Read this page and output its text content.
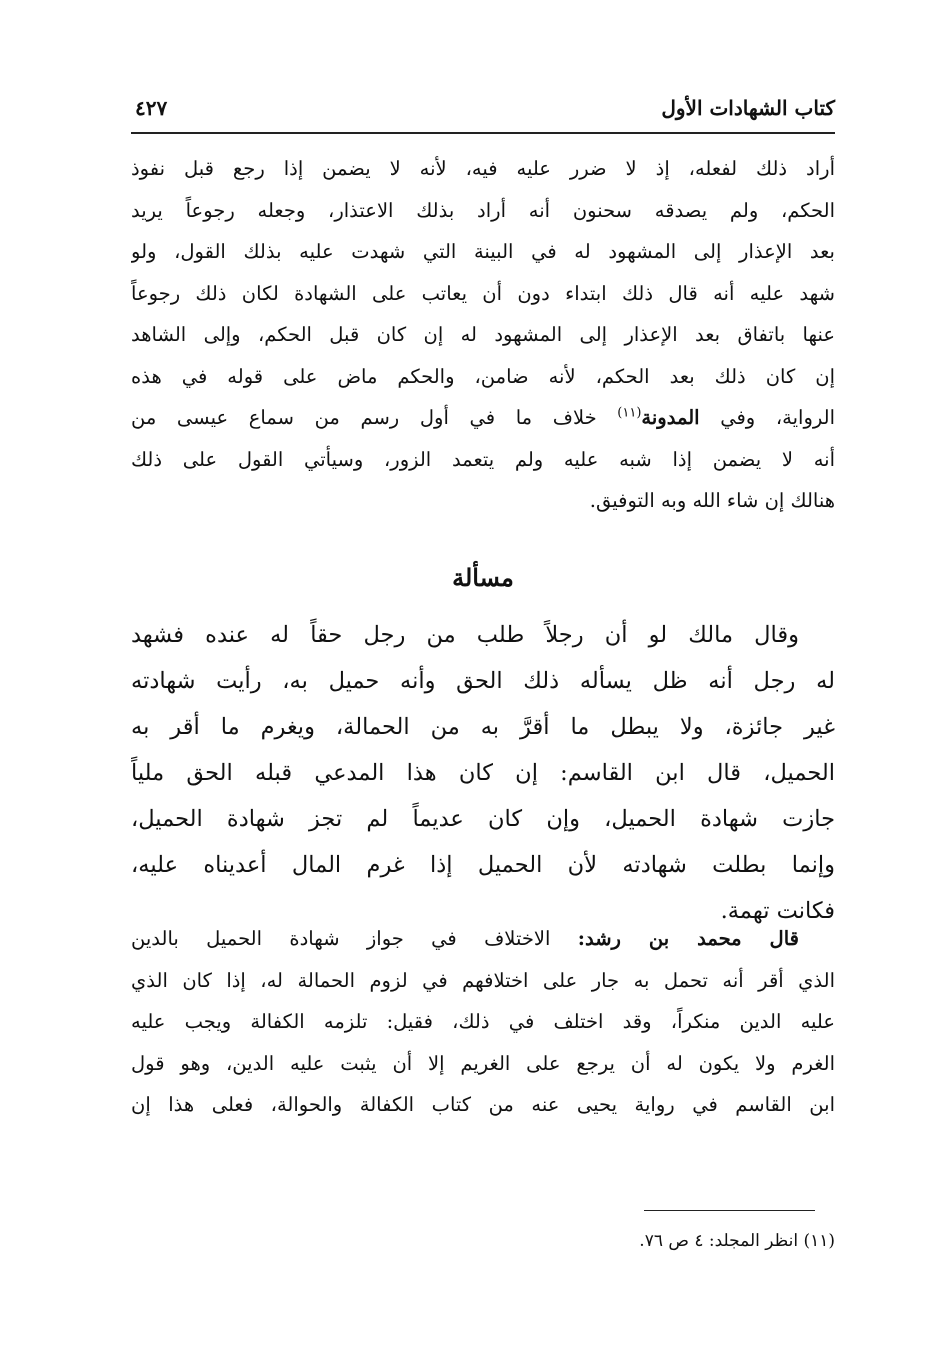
كتاب الشهادات الأول
٤٢٧
أراد ذلك لفعله، إذ لا ضرر عليه فيه، لأنه لا يضمن إذا رجع قبل نفوذ
الحكم، ولم يصدقه سحنون أنه أراد بذلك الاعتذار، وجعله رجوعاً يريد
بعد الإعذار إلى المشهود له في البينة التي شهدت عليه بذلك القول، ولو
شهد عليه أنه قال ذلك ابتداء دون أن يعاتب على الشهادة لكان ذلك رجوعاً
عنها باتفاق بعد الإعذار إلى المشهود له إن كان قبل الحكم، وإلى الشاهد
إن كان ذلك بعد الحكم، لأنه ضامن، والحكم ماض على قوله في هذه
الرواية، وفي المدونة$^{(١١)}$ خلاف ما في أول رسم من سماع عيسى من
أنه لا يضمن إذا شبه عليه ولم يتعمد الزور، وسيأتي القول على ذلك
هنالك إن شاء الله وبه التوفيق.
مسألة
وقال مالك لو أن رجلاً طلب من رجل حقاً له عنده فشهد
له رجل أنه ظل يسأله ذلك الحق وأنه حميل به، رأيت شهادته
غير جائزة، ولا يبطل ما أقرَّ به من الحمالة، ويغرم ما أقر به
الحميل، قال ابن القاسم: إن كان هذا المدعي قبله الحق ملياً
جازت شهادة الحميل، وإن كان عديماً لم تجز شهادة الحميل،
وإنما بطلت شهادته لأن الحميل إذا غرم المال أعديناه عليه،
فكانت تهمة.
قال محمد بن رشد: الاختلاف في جواز شهادة الحميل بالدين
الذي أقر أنه تحمل به جار على اختلافهم في لزوم الحمالة له، إذا كان الذي
عليه الدين منكراً، وقد اختلف في ذلك، فقيل: تلزمه الكفالة ويجب عليه
الغرم ولا يكون له أن يرجع على الغريم إلا أن يثبت عليه الدين، وهو قول
ابن القاسم في رواية يحيى عنه من كتاب الكفالة والحوالة، فعلى هذا إن
(١١) انظر المجلد: ٤ ص ٧٦.
